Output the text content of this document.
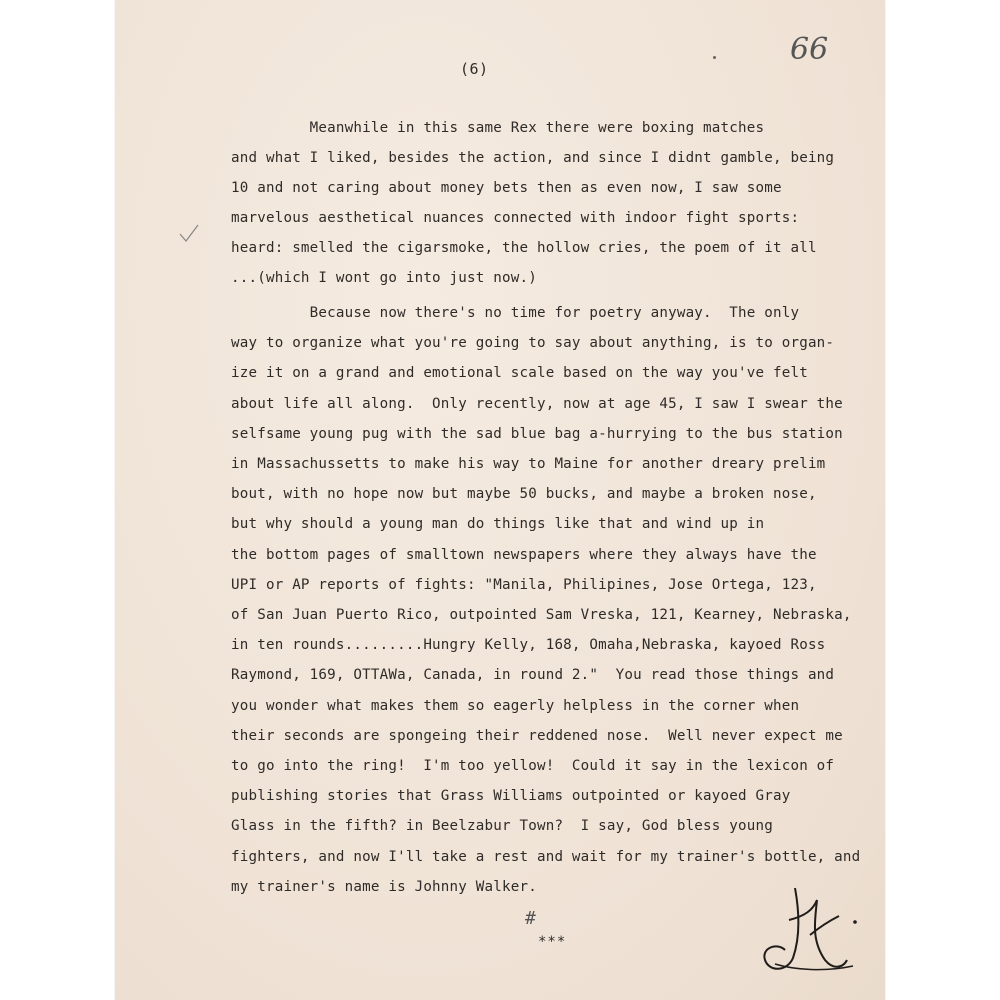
(6)
66

Meanwhile in this same Rex there were boxing matches

and what I liked, besides the action, and since I didnt gamble, being

10 and not caring about money bets then as even now, I saw some

marvelous aesthetical nuances connected with indoor fight sports:

heard: smelled the cigarsmoke, the hollow cries, the poem of it all

...(which I wont go into just now.)

Because now there's no time for poetry anyway.  The only

way to organize what you're going to say about anything, is to organ-

ize it on a grand and emotional scale based on the way you've felt

about life all along.  Only recently, now at age 45, I saw I swear the

selfsame young pug with the sad blue bag a-hurrying to the bus station

in Massachussetts to make his way to Maine for another dreary prelim

bout, with no hope now but maybe 50 bucks, and maybe a broken nose,

but why should a young man do things like that and wind up in

the bottom pages of smalltown newspapers where they always have the

UPI or AP reports of fights: "Manila, Philipines, Jose Ortega, 123,

of San Juan Puerto Rico, outpointed Sam Vreska, 121, Kearney, Nebraska,

in ten rounds.........Hungry Kelly, 168, Omaha,Nebraska, kayoed Ross

Raymond, 169, OTTAWa, Canada, in round 2."  You read those things and

you wonder what makes them so eagerly helpless in the corner when

their seconds are spongeing their reddened nose.  Well never expect me

to go into the ring!  I'm too yellow!  Could it say in the lexicon of

publishing stories that Grass Williams outpointed or kayoed Gray

Glass in the fifth? in Beelzabur Town?  I say, God bless young

fighters, and now I'll take a rest and wait for my trainer's bottle, and

my trainer's name is Johnny Walker.

#
***
